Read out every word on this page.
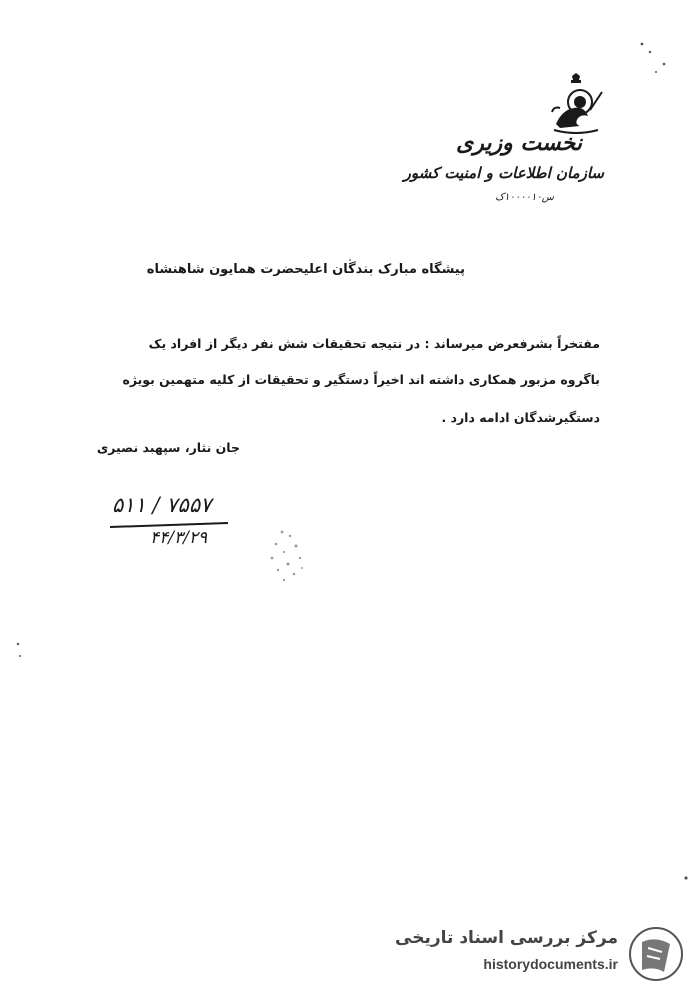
نخست وزیری
سازمان اطلاعات و امنیت کشور
س۱۰۰۰۰۱۰ک
پیشگاه مبارک بندگان اعلیحضرت همایون شاهنشاه
مفتخراً بشرفعرض میرساند : در نتیجه تحقیقات شش نفر دیگر از افراد یک
باگروه مزبور همکاری داشته اند اخیراً دستگیر و تحقیقات از کلیه متهمین بویژه
دستگیرشدگان ادامه دارد .
جان نثار، سپهبد نصیری
۵۱۱ / ۷۵۵۷
۴۴/۳/۲۹
مرکز بررسی اسناد تاریخی
historydocuments.ir
